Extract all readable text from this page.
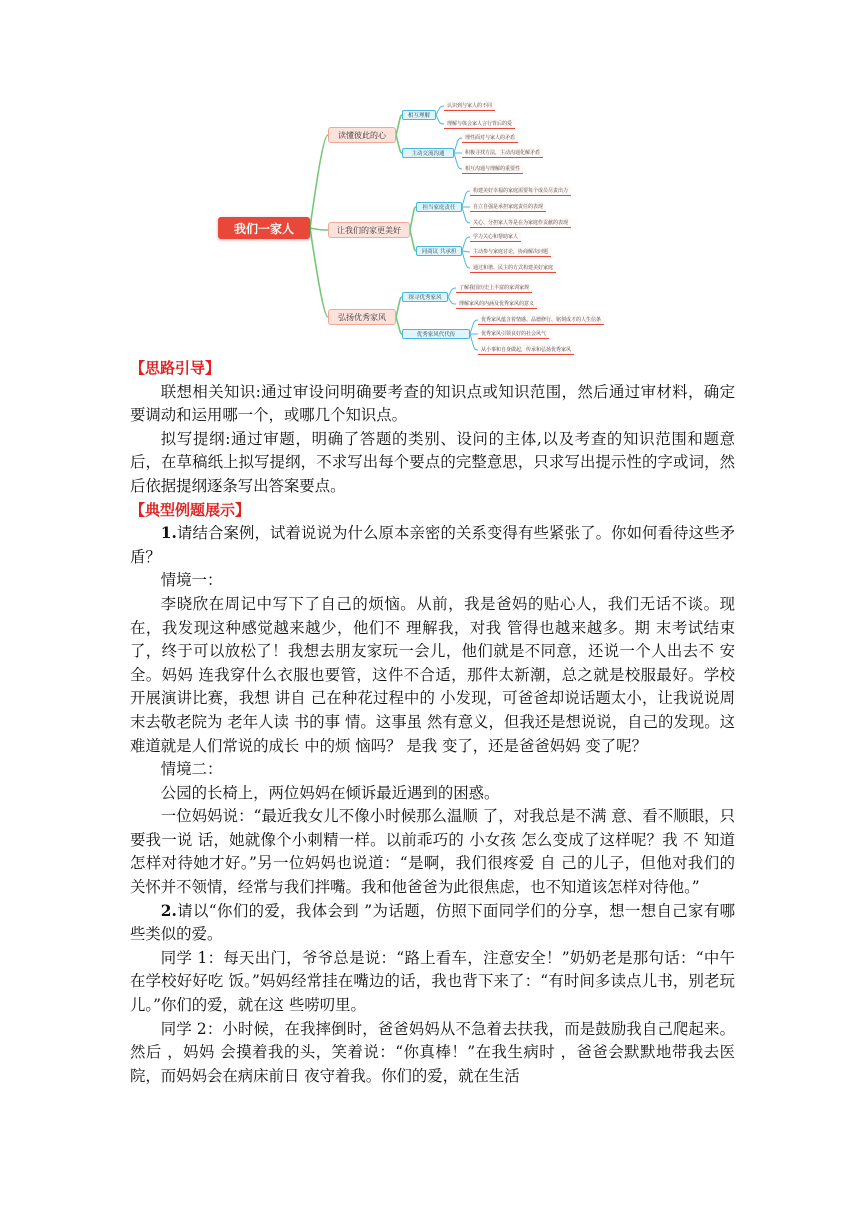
我们一家人
读懂彼此的心
让我们的家更美好
弘扬优秀家风
相互理解
主动交流沟通
担当家庭责任
同商议 共承担
探寻优秀家风
优秀家风代代传
认识到与家人的不同
理解与体会家人言行背后的爱
理性面对与家人的矛盾
积极寻找方法，主动沟通化解矛盾
相互沟通与理解的重要性
构建美好幸福的家庭需要每个成员尽责出力
自立自强是承担家庭责任的表现
关心、分担家人等是在为家庭作贡献的表现
学力关心和帮助家人
主动参与家庭讨论，协商解决问题
通过和谐、民主的方式构建美好家庭
了解我国历史上丰富的家训家规
理解家风的内涵及优秀家风的意义
优秀家风蕴含着情感、品德修行、铭刻成才的人生信条
优秀家风引领良好的社会风气
从小事和自身做起，传承和弘扬优秀家风

【思路引导】

联想相关知识:通过审设问明确要考查的知识点或知识范围，然后通过审材料，确定要调动和运用哪一个，或哪几个知识点。

拟写提纲:通过审题，明确了答题的类别、设问的主体,以及考查的知识范围和题意后，在草稿纸上拟写提纲，不求写出每个要点的完整意思，只求写出提示性的字或词，然后依据提纲逐条写出答案要点。

【典型例题展示】

1.请结合案例，试着说说为什么原本亲密的关系变得有些紧张了。你如何看待这些矛盾？

情境一：

李晓欣在周记中写下了自己的烦恼。从前，我是爸妈的贴心人，我们无话不谈。现在，我发现这种感觉越来越少，他们不 理解我，对我 管得也越来越多。期 末考试结束了，终于可以放松了！我想去朋友家玩一会儿，他们就是不同意，还说一个人出去不 安全。妈妈 连我穿什么衣服也要管，这件不合适，那件太新潮，总之就是校服最好。学校开展演讲比赛，我想 讲自 己在种花过程中的 小发现，可爸爸却说话题太小，让我说说周末去敬老院为 老年人读 书的事 情。这事虽 然有意义，但我还是想说说，自己的发现。这难道就是人们常说的成长 中的烦 恼吗？ 是我 变了，还是爸爸妈妈 变了呢？

情境二：

公园的长椅上，两位妈妈在倾诉最近遇到的困惑。

一位妈妈说：“最近我女儿不像小时候那么温顺 了，对我总是不满 意、看不顺眼，只要我一说 话，她就像个小刺精一样。以前乖巧的 小女孩 怎么变成了这样呢？我 不 知道怎样对待她才好。”另一位妈妈也说道：“是啊，我们很疼爱 自 己的儿子，但他对我们的 关怀并不领情，经常与我们拌嘴。我和他爸爸为此很焦虑，也不知道该怎样对待他。”

2.请以“你们的爱，我体会到 ”为话题，仿照下面同学们的分享，想一想自己家有哪些类似的爱。

同学 1：每天出门，爷爷总是说：“路上看车，注意安全！”奶奶老是那句话：“中午在学校好好吃 饭。”妈妈经常挂在嘴边的话，我也背下来了：“有时间多读点儿书，别老玩儿。”你们的爱，就在这 些唠叨里。

同学 2：小时候，在我摔倒时，爸爸妈妈从不急着去扶我，而是鼓励我自己爬起来。然后 ，妈妈 会摸着我的头，笑着说：“你真棒！”在我生病时 ，爸爸会默默地带我去医院，而妈妈会在病床前日 夜守着我。你们的爱，就在生活
